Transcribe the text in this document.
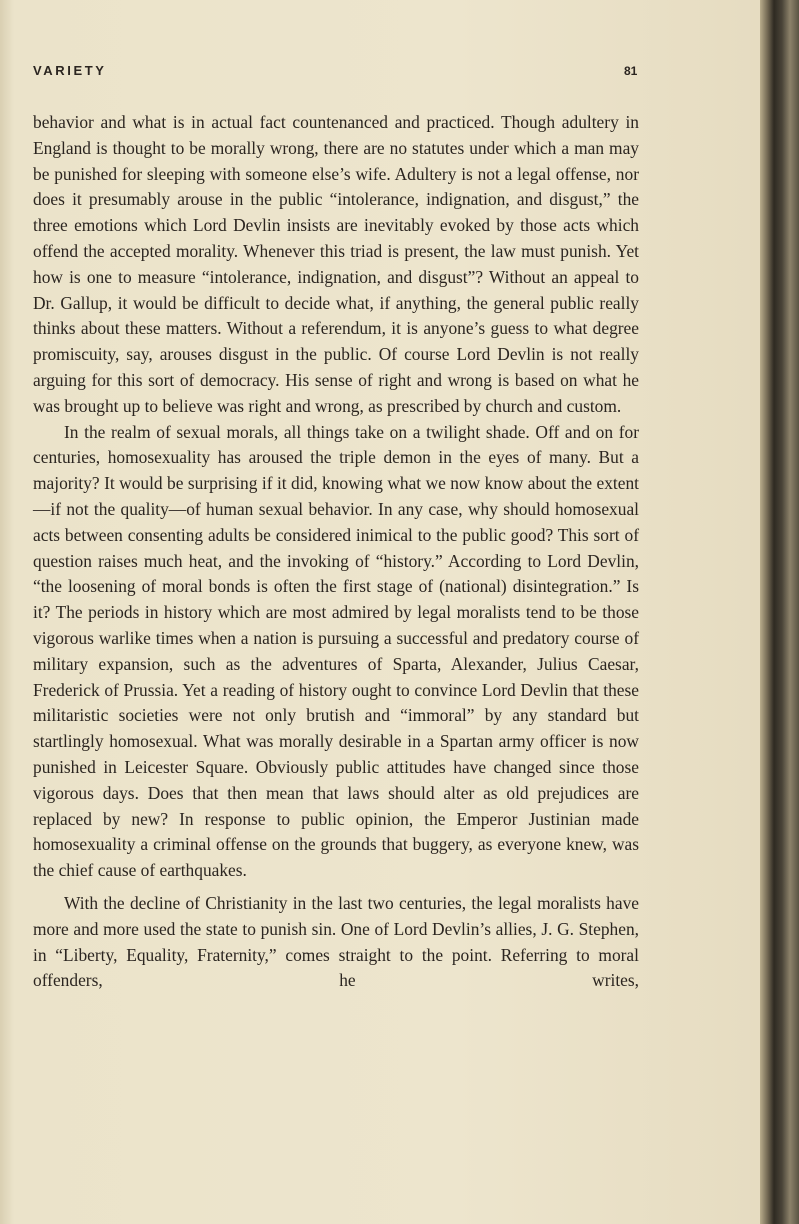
VARIETY	81

behavior and what is in actual fact countenanced and practiced. Though adultery in England is thought to be morally wrong, there are no statutes under which a man may be punished for sleeping with someone else’s wife. Adultery is not a legal offense, nor does it presumably arouse in the public “intolerance, indignation, and disgust,” the three emotions which Lord Devlin insists are inevitably evoked by those acts which offend the accepted morality. Whenever this triad is present, the law must punish. Yet how is one to measure “intolerance, indignation, and disgust”? Without an appeal to Dr. Gallup, it would be difficult to decide what, if anything, the general public really thinks about these matters. Without a referendum, it is anyone’s guess to what degree promiscuity, say, arouses disgust in the public. Of course Lord Devlin is not really arguing for this sort of democracy. His sense of right and wrong is based on what he was brought up to believe was right and wrong, as prescribed by church and custom.

In the realm of sexual morals, all things take on a twilight shade. Off and on for centuries, homosexuality has aroused the triple demon in the eyes of many. But a majority? It would be surprising if it did, knowing what we now know about the extent—if not the quality—of human sexual behavior. In any case, why should homosexual acts between consenting adults be considered inimical to the public good? This sort of question raises much heat, and the invoking of “history.” According to Lord Devlin, “the loosening of moral bonds is often the first stage of (national) disintegration.” Is it? The periods in history which are most admired by legal moralists tend to be those vigorous warlike times when a nation is pursuing a successful and predatory course of military expansion, such as the adventures of Sparta, Alexander, Julius Caesar, Frederick of Prussia. Yet a reading of history ought to convince Lord Devlin that these militaristic societies were not only brutish and “immoral” by any standard but startlingly homosexual. What was morally desirable in a Spartan army officer is now punished in Leicester Square. Obviously public attitudes have changed since those vigorous days. Does that then mean that laws should alter as old prejudices are replaced by new? In response to public opinion, the Emperor Justinian made homosexuality a criminal offense on the grounds that buggery, as everyone knew, was the chief cause of earthquakes.

With the decline of Christianity in the last two centuries, the legal moralists have more and more used the state to punish sin. One of Lord Devlin’s allies, J. G. Stephen, in “Liberty, Equality, Fraternity,” comes straight to the point. Referring to moral offenders, he writes,
